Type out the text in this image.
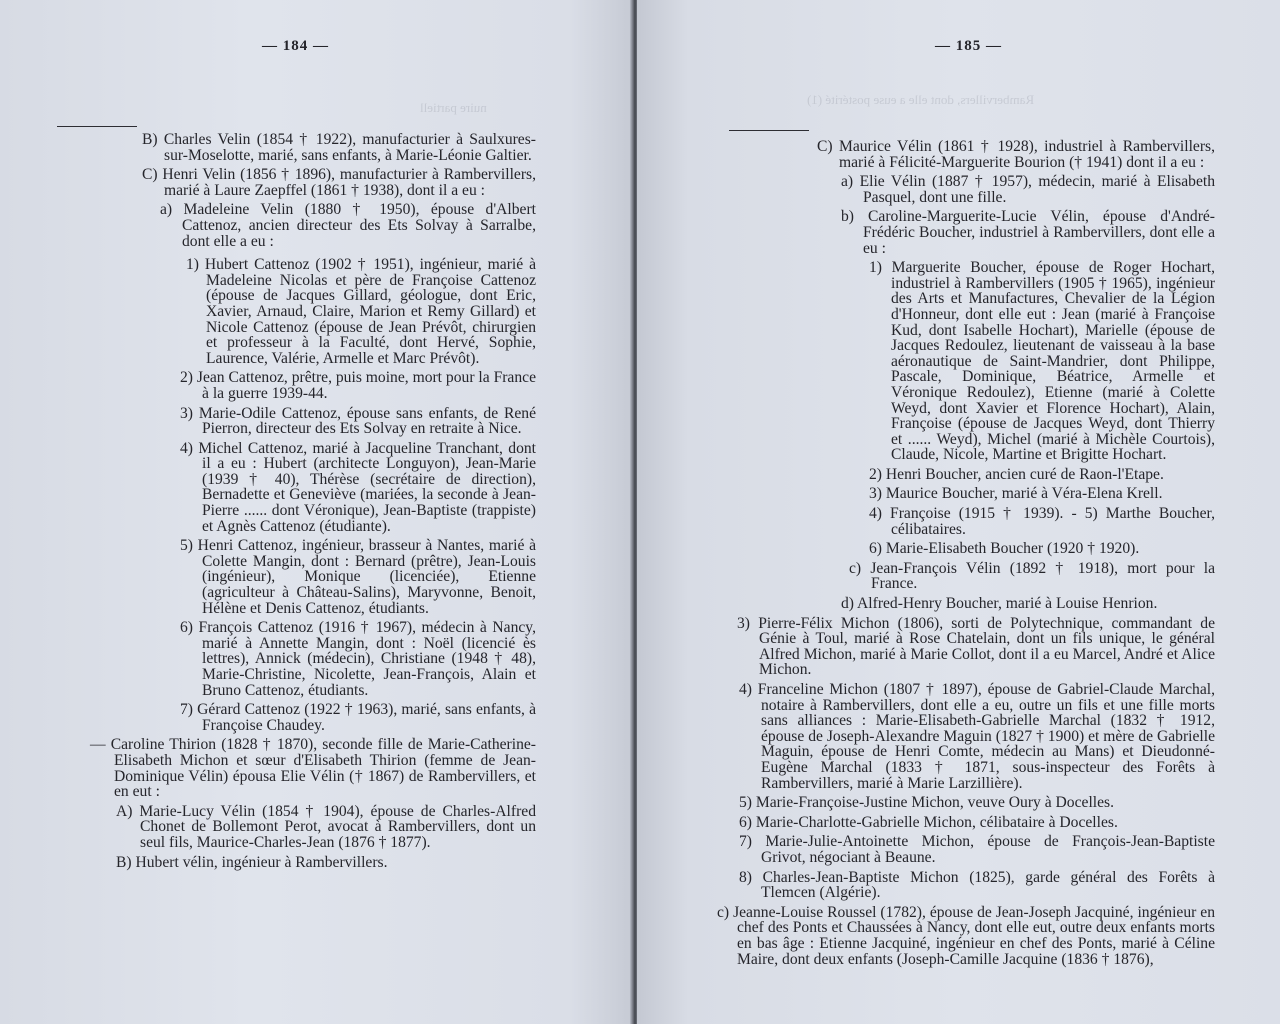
— 184 —
nuire partiell

B) Charles Velin (1854 † 1922), manufacturier à Saulxures-sur-Moselotte, marié, sans enfants, à Marie-Léonie Galtier.

C) Henri Velin (1856 † 1896), manufacturier à Rambervillers, marié à Laure Zaepffel (1861 † 1938), dont il a eu :

a) Madeleine Velin (1880 † 1950), épouse d'Albert Cattenoz, ancien directeur des Ets Solvay à Sarralbe, dont elle a eu :

1) Hubert Cattenoz (1902 † 1951), ingénieur, marié à Madeleine Nicolas et père de Françoise Cattenoz (épouse de Jacques Gillard, géologue, dont Eric, Xavier, Arnaud, Claire, Marion et Remy Gillard) et Nicole Cattenoz (épouse de Jean Prévôt, chirurgien et professeur à la Faculté, dont Hervé, Sophie, Laurence, Valérie, Armelle et Marc Prévôt).

2) Jean Cattenoz, prêtre, puis moine, mort pour la France à la guerre 1939-44.

3) Marie-Odile Cattenoz, épouse sans enfants, de René Pierron, directeur des Ets Solvay en retraite à Nice.

4) Michel Cattenoz, marié à Jacqueline Tranchant, dont il a eu : Hubert (architecte Longuyon), Jean-Marie (1939 † 40), Thérèse (secrétaire de direction), Bernadette et Geneviève (mariées, la seconde à Jean-Pierre ...... dont Véronique), Jean-Baptiste (trappiste) et Agnès Cattenoz (étudiante).

5) Henri Cattenoz, ingénieur, brasseur à Nantes, marié à Colette Mangin, dont : Bernard (prêtre), Jean-Louis (ingénieur), Monique (licenciée), Etienne (agriculteur à Château-Salins), Maryvonne, Benoit, Hélène et Denis Cattenoz, étudiants.

6) François Cattenoz (1916 † 1967), médecin à Nancy, marié à Annette Mangin, dont : Noël (licencié ès lettres), Annick (médecin), Christiane (1948 † 48), Marie-Christine, Nicolette, Jean-François, Alain et Bruno Cattenoz, étudiants.

7) Gérard Cattenoz (1922 † 1963), marié, sans enfants, à Françoise Chaudey.

— Caroline Thirion (1828 † 1870), seconde fille de Marie-Catherine-Elisabeth Michon et sœur d'Elisabeth Thirion (femme de Jean-Dominique Vélin) épousa Elie Vélin († 1867) de Rambervillers, et en eut :

A) Marie-Lucy Vélin (1854 † 1904), épouse de Charles-Alfred Chonet de Bollemont Perot, avocat à Rambervillers, dont un seul fils, Maurice-Charles-Jean (1876 † 1877).

B) Hubert vélin, ingénieur à Rambervillers.

— 185 —
Rambervillers, dont elle a euse postérité (1)

C) Maurice Vélin (1861 † 1928), industriel à Rambervillers, marié à Félicité-Marguerite Bourion († 1941) dont il a eu :

a) Elie Vélin (1887 † 1957), médecin, marié à Elisabeth Pasquel, dont une fille.

b) Caroline-Marguerite-Lucie Vélin, épouse d'André-Frédéric Boucher, industriel à Rambervillers, dont elle a eu :

1) Marguerite Boucher, épouse de Roger Hochart, industriel à Rambervillers (1905 † 1965), ingénieur des Arts et Manufactures, Chevalier de la Légion d'Honneur, dont elle eut : Jean (marié à Françoise Kud, dont Isabelle Hochart), Marielle (épouse de Jacques Redoulez, lieutenant de vaisseau à la base aéronautique de Saint-Mandrier, dont Philippe, Pascale, Dominique, Béatrice, Armelle et Véronique Redoulez), Etienne (marié à Colette Weyd, dont Xavier et Florence Hochart), Alain, Françoise (épouse de Jacques Weyd, dont Thierry et ...... Weyd), Michel (marié à Michèle Courtois), Claude, Nicole, Martine et Brigitte Hochart.

2) Henri Boucher, ancien curé de Raon-l'Etape.

3) Maurice Boucher, marié à Véra-Elena Krell.

4) Françoise (1915 † 1939). - 5) Marthe Boucher, célibataires.

6) Marie-Elisabeth Boucher (1920 † 1920).

c) Jean-François Vélin (1892 † 1918), mort pour la France.

d) Alfred-Henry Boucher, marié à Louise Henrion.

3) Pierre-Félix Michon (1806), sorti de Polytechnique, commandant de Génie à Toul, marié à Rose Chatelain, dont un fils unique, le général Alfred Michon, marié à Marie Collot, dont il a eu Marcel, André et Alice Michon.

4) Franceline Michon (1807 † 1897), épouse de Gabriel-Claude Marchal, notaire à Rambervillers, dont elle a eu, outre un fils et une fille morts sans alliances : Marie-Elisabeth-Gabrielle Marchal (1832 † 1912, épouse de Joseph-Alexandre Maguin (1827 † 1900) et mère de Gabrielle Maguin, épouse de Henri Comte, médecin au Mans) et Dieudonné-Eugène Marchal (1833 † 1871, sous-inspecteur des Forêts à Rambervillers, marié à Marie Larzillière).

5) Marie-Françoise-Justine Michon, veuve Oury à Docelles.

6) Marie-Charlotte-Gabrielle Michon, célibataire à Docelles.

7) Marie-Julie-Antoinette Michon, épouse de François-Jean-Baptiste Grivot, négociant à Beaune.

8) Charles-Jean-Baptiste Michon (1825), garde général des Forêts à Tlemcen (Algérie).

c) Jeanne-Louise Roussel (1782), épouse de Jean-Joseph Jacquiné, ingénieur en chef des Ponts et Chaussées à Nancy, dont elle eut, outre deux enfants morts en bas âge : Etienne Jacquiné, ingénieur en chef des Ponts, marié à Céline Maire, dont deux enfants (Joseph-Camille Jacquine (1836 † 1876),
